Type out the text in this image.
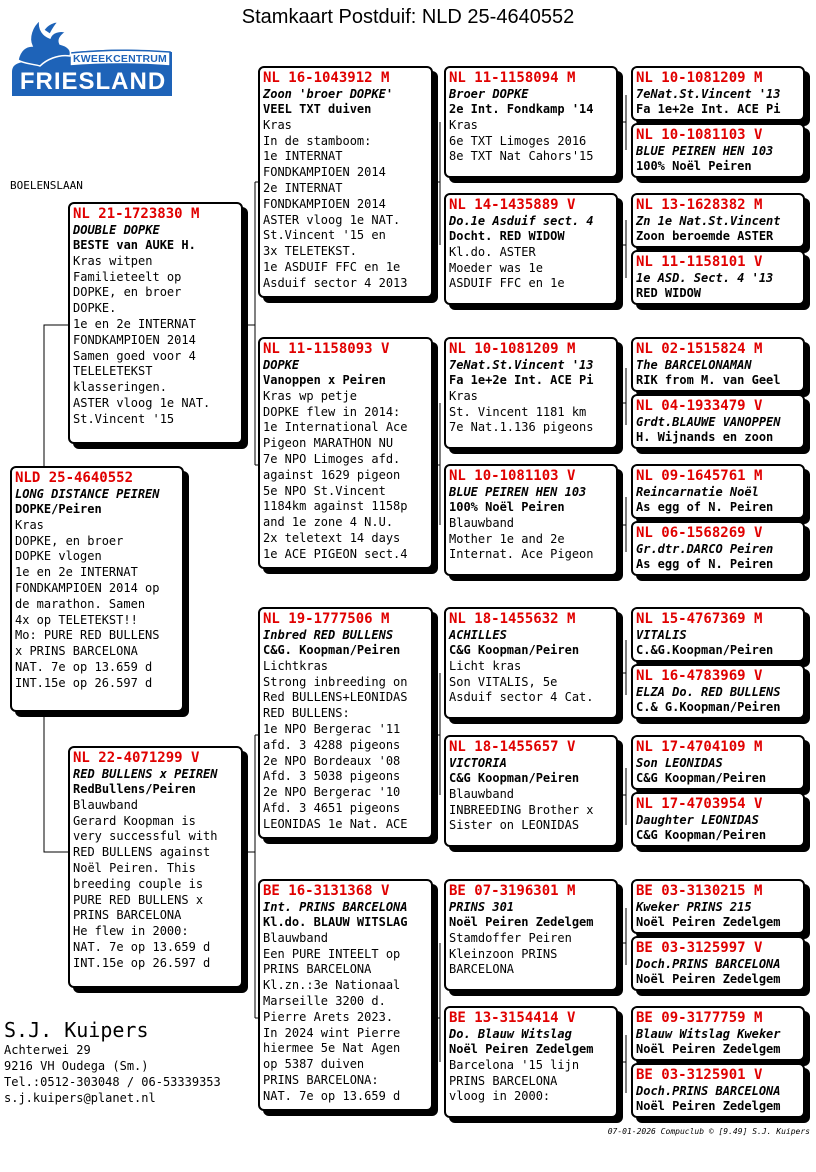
Stamkaart Postduif: NLD 25-4640552
KWEEKCENTRUM
FRIESLAND
BOELENSLAAN
NLD 25-4640552
LONG DISTANCE PEIREN
DOPKE/Peiren
Kras
DOPKE, en broer
DOPKE vlogen
1e en 2e INTERNAT
FONDKAMPIOEN 2014 op
de marathon. Samen
4x op TELETEKST!!
Mo: PURE RED BULLENS
x PRINS BARCELONA
NAT. 7e op 13.659 d
INT.15e op 26.597 d
NL 21-1723830 M
DOUBLE DOPKE
BESTE van AUKE H.
Kras witpen
Familieteelt op
DOPKE, en broer
DOPKE.
1e en 2e INTERNAT
FONDKAMPIOEN 2014
Samen goed voor 4
TELELETEKST
klasseringen.
ASTER vloog 1e NAT.
St.Vincent '15
NL 22-4071299 V
RED BULLENS x PEIREN
RedBullens/Peiren
Blauwband
Gerard Koopman is
very successful with
RED BULLENS against
Noël Peiren. This
breeding couple is
PURE RED BULLENS x
PRINS BARCELONA
He flew in 2000:
NAT. 7e op 13.659 d
INT.15e op 26.597 d
NL 16-1043912 M
Zoon 'broer DOPKE'
VEEL TXT duiven
Kras
In de stamboom:
1e INTERNAT
FONDKAMPIOEN 2014
2e INTERNAT
FONDKAMPIOEN 2014
ASTER vloog 1e NAT.
St.Vincent '15 en
3x TELETEKST.
1e ASDUIF FFC en 1e
Asduif sector 4 2013
NL 11-1158093 V
DOPKE
Vanoppen x Peiren
Kras wp petje
DOPKE flew in 2014:
1e International Ace
Pigeon MARATHON NU
7e NPO Limoges afd.
against 1629 pigeon
5e NPO St.Vincent
1184km against 1158p
and 1e zone 4 N.U.
2x teletext 14 days
1e ACE PIGEON sect.4
NL 19-1777506 M
Inbred RED BULLENS
C&G. Koopman/Peiren
Lichtkras
Strong inbreeding on
Red BULLENS+LEONIDAS
RED BULLENS:
1e NPO Bergerac '11
afd. 3 4288 pigeons
2e NPO Bordeaux '08
Afd. 3 5038 pigeons
2e NPO Bergerac '10
Afd. 3 4651 pigeons
LEONIDAS 1e Nat. ACE
BE 16-3131368 V
Int. PRINS BARCELONA
Kl.do. BLAUW WITSLAG
Blauwband
Een PURE INTEELT op
PRINS BARCELONA
Kl.zn.:3e Nationaal
Marseille 3200 d.
Pierre Arets 2023.
In 2024 wint Pierre
hiermee 5e Nat Agen
op 5387 duiven
PRINS BARCELONA:
NAT. 7e op 13.659 d
NL 11-1158094 M
Broer DOPKE
2e Int. Fondkamp '14
Kras
6e TXT Limoges 2016
8e TXT Nat Cahors'15
NL 14-1435889 V
Do.1e Asduif sect. 4
Docht. RED WIDOW
Kl.do. ASTER
Moeder was 1e
ASDUIF FFC en 1e
NL 10-1081209 M
7eNat.St.Vincent '13
Fa 1e+2e Int. ACE Pi
Kras
St. Vincent 1181 km
7e Nat.1.136 pigeons
NL 10-1081103 V
BLUE PEIREN HEN 103
100% Noël Peiren
Blauwband
Mother 1e and 2e
Internat. Ace Pigeon
NL 18-1455632 M
ACHILLES
C&G Koopman/Peiren
Licht kras
Son VITALIS, 5e
Asduif sector 4 Cat.
NL 18-1455657 V
VICTORIA
C&G Koopman/Peiren
Blauwband
INBREEDING Brother x
Sister on LEONIDAS
BE 07-3196301 M
PRINS 301
Noël Peiren Zedelgem
Stamdoffer Peiren
Kleinzoon PRINS
BARCELONA
BE 13-3154414 V
Do. Blauw Witslag
Noël Peiren Zedelgem
Barcelona '15 lijn
PRINS BARCELONA
vloog in 2000:
NL 10-1081209 M
7eNat.St.Vincent '13
Fa 1e+2e Int. ACE Pi
NL 10-1081103 V
BLUE PEIREN HEN 103
100% Noël Peiren
NL 13-1628382 M
Zn 1e Nat.St.Vincent
Zoon beroemde ASTER
NL 11-1158101 V
1e ASD. Sect. 4 '13
RED WIDOW
NL 02-1515824 M
The BARCELONAMAN
RIK from M. van Geel
NL 04-1933479 V
Grdt.BLAUWE VANOPPEN
H. Wijnands en zoon
NL 09-1645761 M
Reincarnatie Noël
As egg of N. Peiren
NL 06-1568269 V
Gr.dtr.DARCO Peiren
As egg of N. Peiren
NL 15-4767369 M
VITALIS
C.&G.Koopman/Peiren
NL 16-4783969 V
ELZA Do. RED BULLENS
C.& G.Koopman/Peiren
NL 17-4704109 M
Son LEONIDAS
C&G Koopman/Peiren
NL 17-4703954 V
Daughter LEONIDAS
C&G Koopman/Peiren
BE 03-3130215 M
Kweker PRINS 215
Noël Peiren Zedelgem
BE 03-3125997 V
Doch.PRINS BARCELONA
Noël Peiren Zedelgem
BE 09-3177759 M
Blauw Witslag Kweker
Noël Peiren Zedelgem
BE 03-3125901 V
Doch.PRINS BARCELONA
Noël Peiren Zedelgem
S.J. Kuipers
Achterwei 29
9216 VH Oudega (Sm.)
Tel.:0512-303048 / 06-53339353
s.j.kuipers@planet.nl
07-01-2026 Compuclub © [9.49] S.J. Kuipers
